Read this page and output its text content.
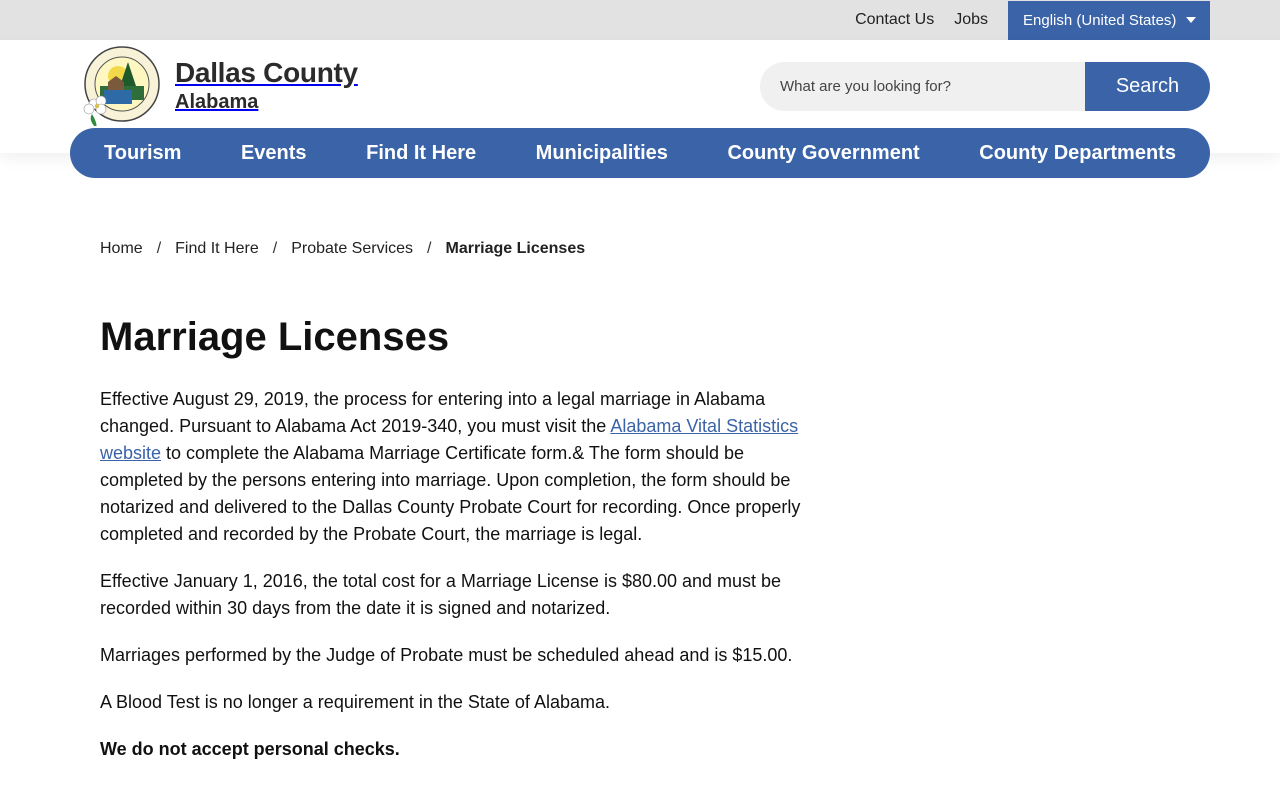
Contact Us Jobs English (United States)
Dallas County
Alabama
What are you looking for?
Search
Tourism	Events	Find It Here	Municipalities	County Government	County Departments
Home / Find It Here / Probate Services / Marriage Licenses
Marriage Licenses

Effective August 29, 2019, the process for entering into a legal marriage in Alabama changed. Pursuant to Alabama Act 2019-340, you must visit the Alabama Vital Statistics website to complete the Alabama Marriage Certificate form.& The form should be completed by the persons entering into marriage. Upon completion, the form should be notarized and delivered to the Dallas County Probate Court for recording. Once properly completed and recorded by the Probate Court, the marriage is legal.

Effective January 1, 2016, the total cost for a Marriage License is $80.00 and must be recorded within 30 days from the date it is signed and notarized.

Marriages performed by the Judge of Probate must be scheduled ahead and is $15.00.

A Blood Test is no longer a requirement in the State of Alabama.

We do not accept personal checks.
